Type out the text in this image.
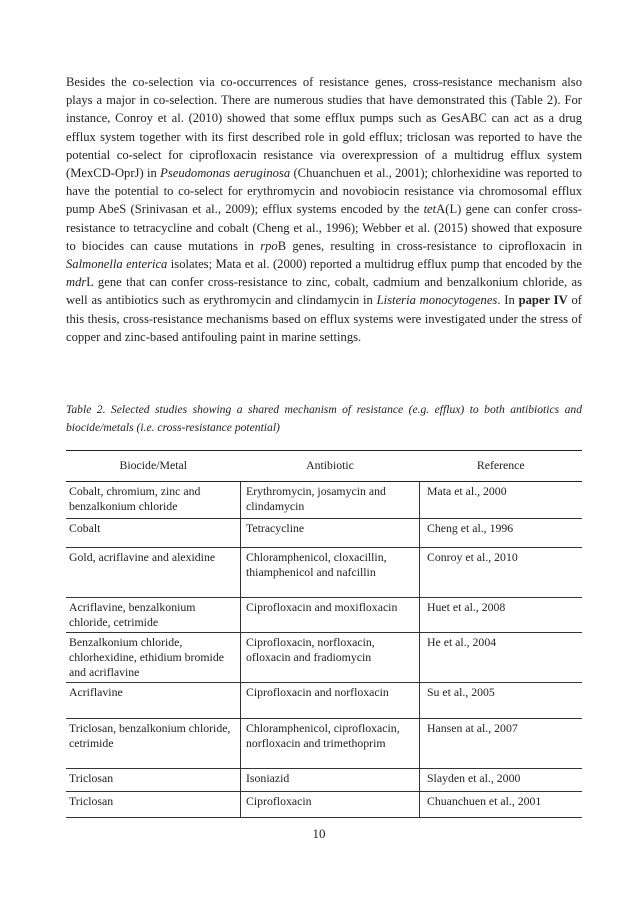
Besides the co-selection via co-occurrences of resistance genes, cross-resistance mechanism also plays a major in co-selection. There are numerous studies that have demonstrated this (Table 2). For instance, Conroy et al. (2010) showed that some efflux pumps such as GesABC can act as a drug efflux system together with its first described role in gold efflux; triclosan was reported to have the potential co-select for ciprofloxacin resistance via overexpression of a multidrug efflux system (MexCD-OprJ) in Pseudomonas aeruginosa (Chuanchuen et al., 2001); chlorhexidine was reported to have the potential to co-select for erythromycin and novobiocin resistance via chromosomal efflux pump AbeS (Srinivasan et al., 2009); efflux systems encoded by the tetA(L) gene can confer cross-resistance to tetracycline and cobalt (Cheng et al., 1996); Webber et al. (2015) showed that exposure to biocides can cause mutations in rpoB genes, resulting in cross-resistance to ciprofloxacin in Salmonella enterica isolates; Mata et al. (2000) reported a multidrug efflux pump that encoded by the mdrL gene that can confer cross-resistance to zinc, cobalt, cadmium and benzalkonium chloride, as well as antibiotics such as erythromycin and clindamycin in Listeria monocytogenes. In paper IV of this thesis, cross-resistance mechanisms based on efflux systems were investigated under the stress of copper and zinc-based antifouling paint in marine settings.
Table 2. Selected studies showing a shared mechanism of resistance (e.g. efflux) to both antibiotics and biocide/metals (i.e. cross-resistance potential)
Biocide/Metal	Antibiotic	Reference
Cobalt, chromium, zinc and benzalkonium chloride	Erythromycin, josamycin and clindamycin	Mata et al., 2000
Cobalt	Tetracycline	Cheng et al., 1996
Gold, acriflavine and alexidine	Chloramphenicol, cloxacillin, thiamphenicol and nafcillin	Conroy et al., 2010
Acriflavine, benzalkonium chloride, cetrimide	Ciprofloxacin and moxifloxacin	Huet et al., 2008
Benzalkonium chloride, chlorhexidine, ethidium bromide and acriflavine	Ciprofloxacin, norfloxacin, ofloxacin and fradiomycin	He et al., 2004
Acriflavine	Ciprofloxacin and norfloxacin	Su et al., 2005
Triclosan, benzalkonium chloride, cetrimide	Chloramphenicol, ciprofloxacin, norfloxacin and trimethoprim	Hansen at al., 2007
Triclosan	Isoniazid	Slayden et al., 2000
Triclosan	Ciprofloxacin	Chuanchuen et al., 2001
10
